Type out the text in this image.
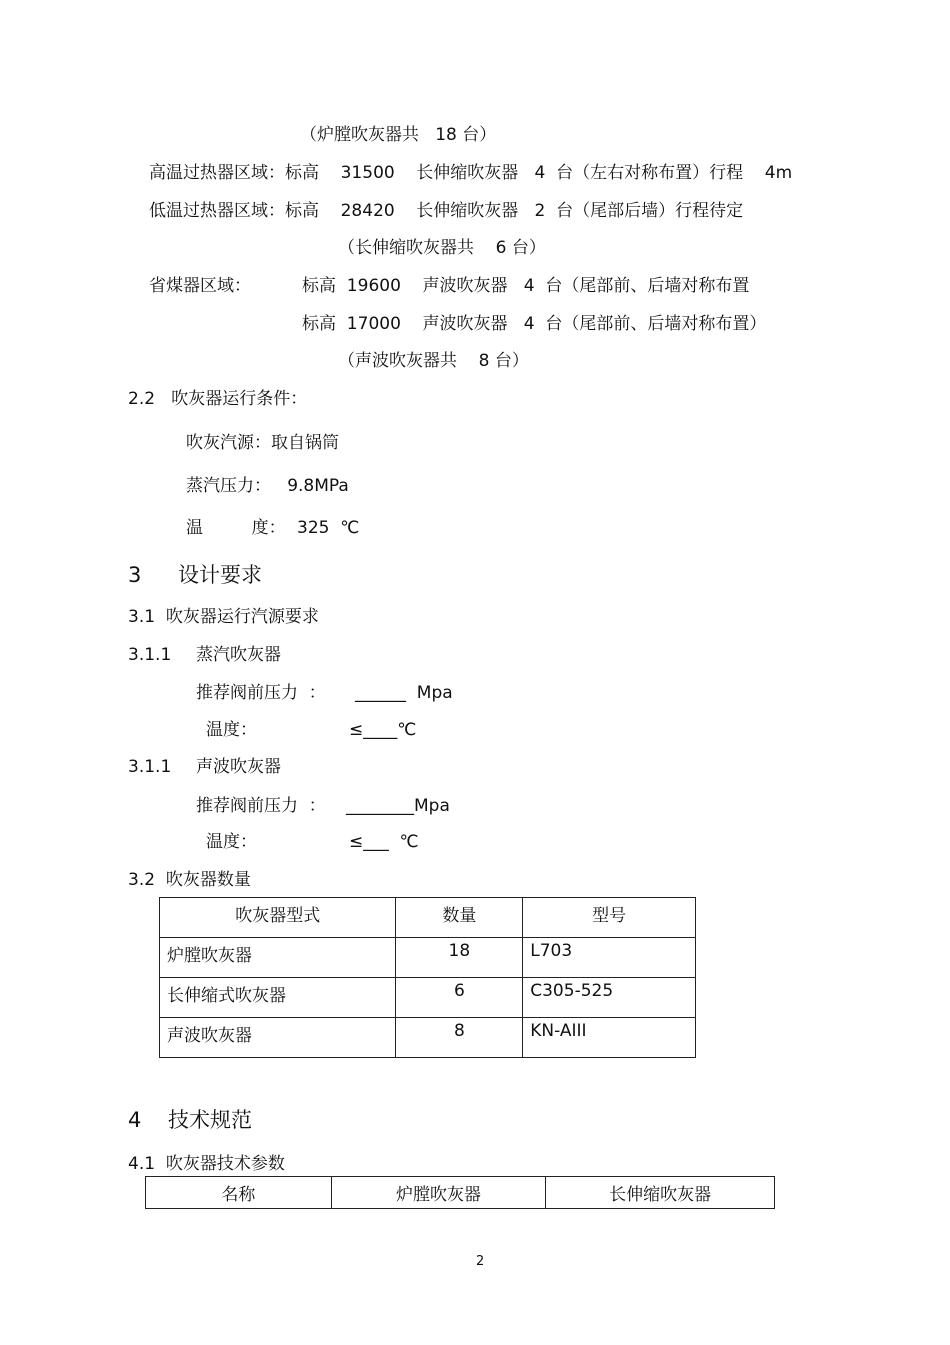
（炉膛吹灰器共   18 台）
高温过热器区域：标高    31500    长伸缩吹灰器   4  台（左右对称布置）行程    4m
低温过热器区域：标高    28420    长伸缩吹灰器   2  台（尾部后墙）行程待定
（长伸缩吹灰器共    6 台）
省煤器区域：	标高  19600    声波吹灰器   4  台（尾部前、后墙对称布置
标高  17000    声波吹灰器   4  台（尾部前、后墙对称布置）
（声波吹灰器共    8 台）
2.2   吹灰器运行条件：
吹灰汽源：取自锅筒
蒸汽压力：   9.8MPa
温         度： 325  ℃
3 设计要求
3.1  吹灰器运行汽源要求
3.1.1 蒸汽吹灰器
推荐阀前压力  ： ______  Mpa
温度：	≤____℃
3.1.1 声波吹灰器
推荐阀前压力  ： ________Mpa
温度：	≤___  ℃
3.2  吹灰器数量
吹灰器型式	数量	型号

炉膛吹灰器	18	L703

长伸缩式吹灰器	6	C305-525

声波吹灰器	8	KN-AIII
4 技术规范
4.1  吹灰器技术参数
名称	炉膛吹灰器	长伸缩吹灰器
2
